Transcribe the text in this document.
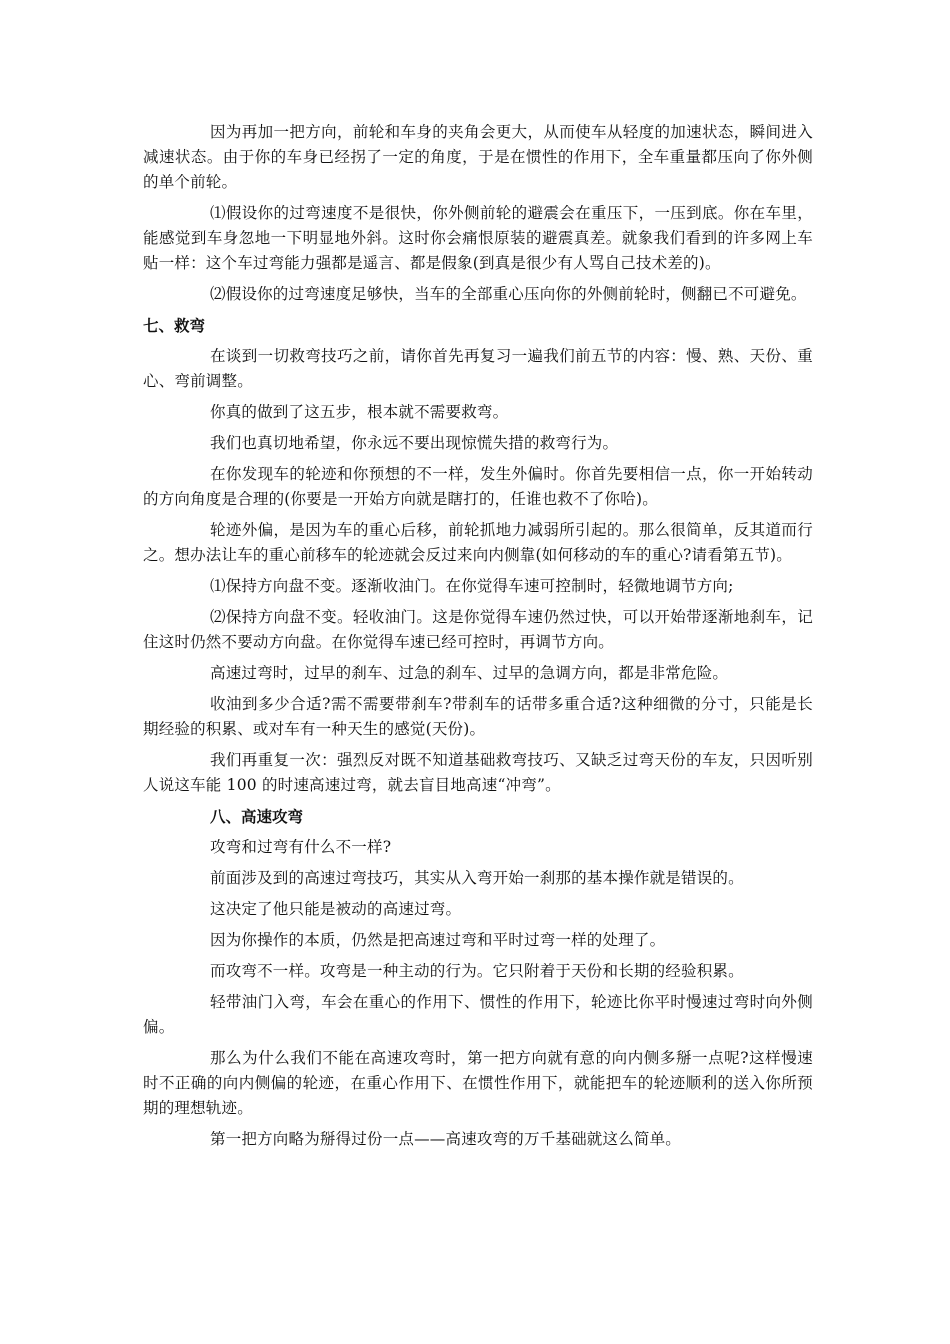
因为再加一把方向，前轮和车身的夹角会更大，从而使车从轻度的加速状态，瞬间进入减速状态。由于你的车身已经拐了一定的角度，于是在惯性的作用下，全车重量都压向了你外侧的单个前轮。

⑴假设你的过弯速度不是很快，你外侧前轮的避震会在重压下，一压到底。你在车里，能感觉到车身忽地一下明显地外斜。这时你会痛恨原装的避震真差。就象我们看到的许多网上车贴一样：这个车过弯能力强都是遥言、都是假象(到真是很少有人骂自己技术差的)。

⑵假设你的过弯速度足够快，当车的全部重心压向你的外侧前轮时，侧翻已不可避免。

七、救弯

在谈到一切救弯技巧之前，请你首先再复习一遍我们前五节的内容：慢、熟、天份、重心、弯前调整。

你真的做到了这五步，根本就不需要救弯。

我们也真切地希望，你永远不要出现惊慌失措的救弯行为。

在你发现车的轮迹和你预想的不一样，发生外偏时。你首先要相信一点，你一开始转动的方向角度是合理的(你要是一开始方向就是瞎打的，任谁也救不了你哈)。

轮迹外偏，是因为车的重心后移，前轮抓地力减弱所引起的。那么很简单，反其道而行之。想办法让车的重心前移车的轮迹就会反过来向内侧靠(如何移动的车的重心?请看第五节)。

⑴保持方向盘不变。逐渐收油门。在你觉得车速可控制时，轻微地调节方向;

⑵保持方向盘不变。轻收油门。这是你觉得车速仍然过快，可以开始带逐渐地刹车，记住这时仍然不要动方向盘。在你觉得车速已经可控时，再调节方向。

高速过弯时，过早的刹车、过急的刹车、过早的急调方向，都是非常危险。

收油到多少合适?需不需要带刹车?带刹车的话带多重合适?这种细微的分寸，只能是长期经验的积累、或对车有一种天生的感觉(天份)。

我们再重复一次：强烈反对既不知道基础救弯技巧、又缺乏过弯天份的车友，只因听别人说这车能 100 的时速高速过弯，就去盲目地高速“冲弯”。

八、高速攻弯

攻弯和过弯有什么不一样?

前面涉及到的高速过弯技巧，其实从入弯开始一刹那的基本操作就是错误的。

这决定了他只能是被动的高速过弯。

因为你操作的本质，仍然是把高速过弯和平时过弯一样的处理了。

而攻弯不一样。攻弯是一种主动的行为。它只附着于天份和长期的经验积累。

轻带油门入弯，车会在重心的作用下、惯性的作用下，轮迹比你平时慢速过弯时向外侧偏。

那么为什么我们不能在高速攻弯时，第一把方向就有意的向内侧多掰一点呢?这样慢速时不正确的向内侧偏的轮迹，在重心作用下、在惯性作用下，就能把车的轮迹顺利的送入你所预期的理想轨迹。

第一把方向略为掰得过份一点——高速攻弯的万千基础就这么简单。
